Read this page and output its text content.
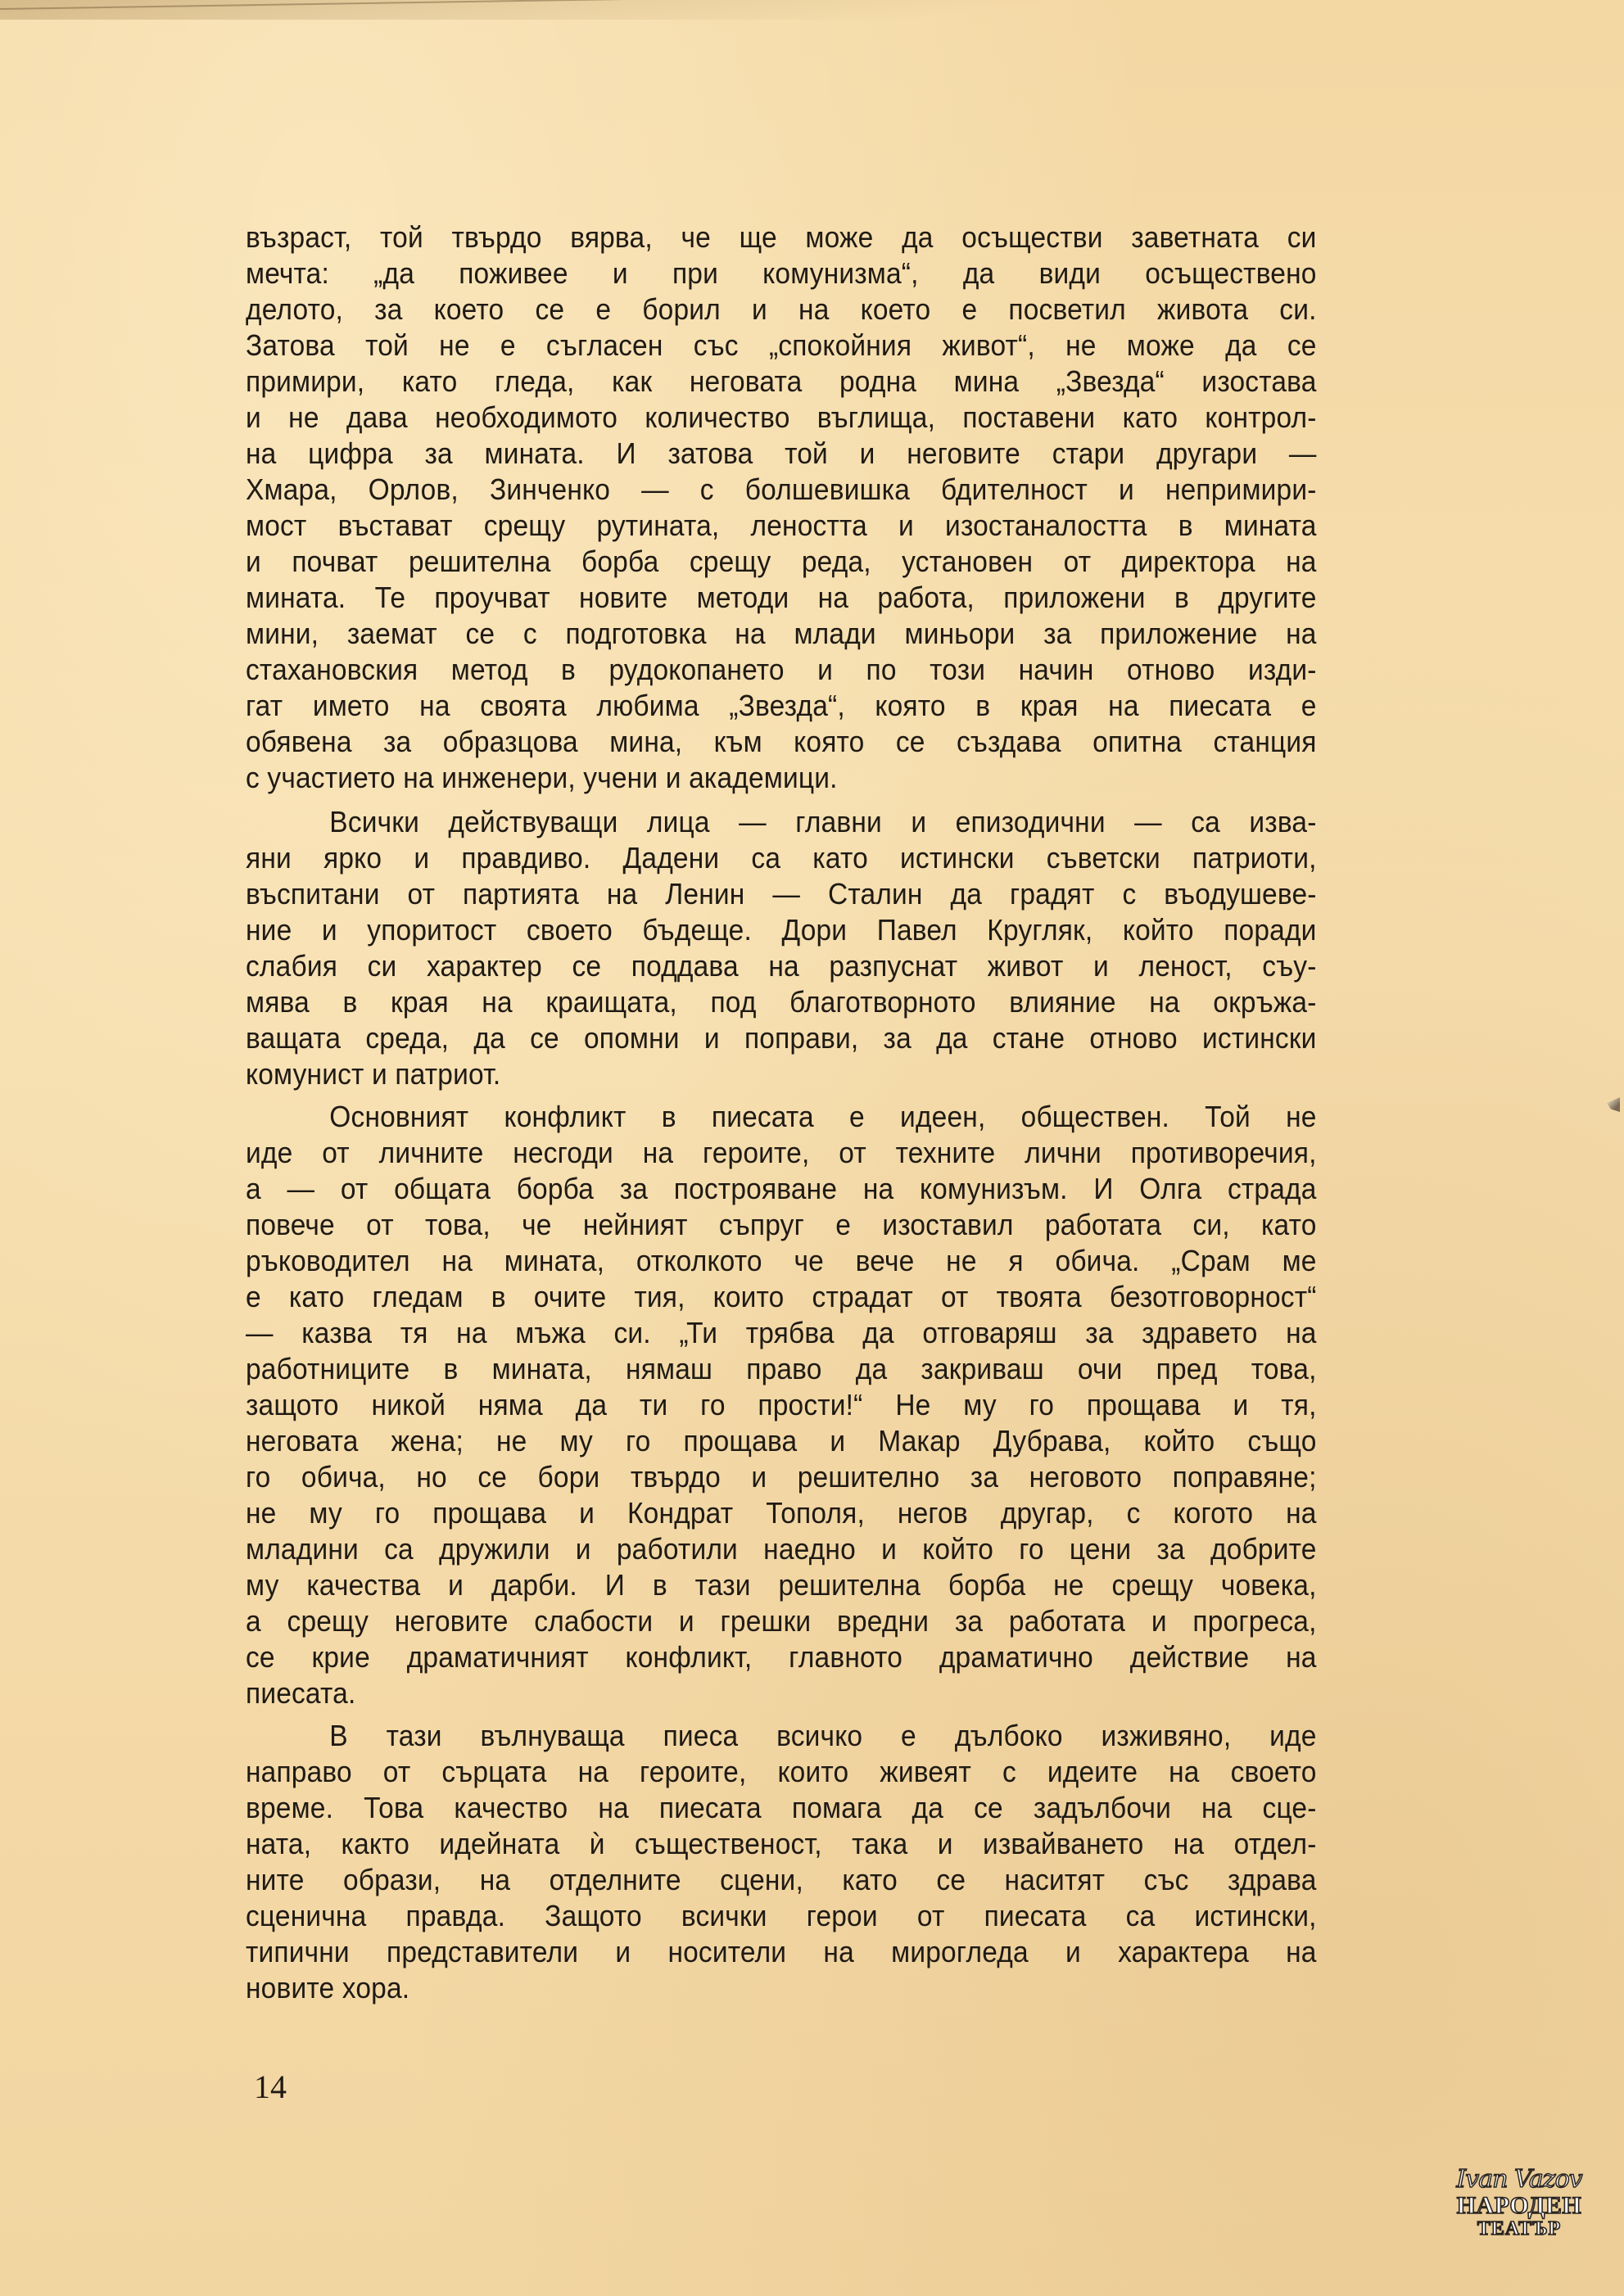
възраст, той твърдо вярва, че ще може да осъществи заветната си
мечта: „да поживее и при комунизма“, да види осъществено
делото, за което се е борил и на което е посветил живота си.
Затова той не е съгласен със „спокойния живот“, не може да се
примири, като гледа, как неговата родна мина „Звезда“ изостава
и не дава необходимото количество въглища, поставени като контрол-
на цифра за мината. И затова той и неговите стари другари —
Хмара, Орлов, Зинченко — с болшевишка бдителност и непримири-
мост въстават срещу рутината, леността и изостаналостта в мината
и почват решителна борба срещу реда, установен от директора на
мината. Те проучват новите методи на работа, приложени в другите
мини, заемат се с подготовка на млади миньори за приложение на
стахановския метод в рудокопането и по този начин отново изди-
гат името на своята любима „Звезда“, която в края на пиесата е
обявена за образцова мина, към която се създава опитна станция
с участието на инженери, учени и академици.
Всички действуващи лица — главни и епизодични — са изва-
яни ярко и правдиво. Дадени са като истински съветски патриоти,
въспитани от партията на Ленин — Сталин да градят с въодушеве-
ние и упоритост своето бъдеще. Дори Павел Кругляк, който поради
слабия си характер се поддава на разпуснат живот и леност, съу-
мява в края на краищата, под благотворното влияние на окръжа-
ващата среда, да се опомни и поправи, за да стане отново истински
комунист и патриот.
Основният конфликт в пиесата е идеен, обществен. Той не
иде от личните несгоди на героите, от техните лични противоречия,
а — от общата борба за построяване на комунизъм. И Олга страда
повече от това, че нейният съпруг е изоставил работата си, като
ръководител на мината, отколкото че вече не я обича. „Срам ме
е като гледам в очите тия, които страдат от твоята безотговорност“
— казва тя на мъжа си. „Ти трябва да отговаряш за здравето на
работниците в мината, нямаш право да закриваш очи пред това,
защото никой няма да ти го прости!“ Не му го прощава и тя,
неговата жена; не му го прощава и Макар Дубрава, който също
го обича, но се бори твърдо и решително за неговото поправяне;
не му го прощава и Кондрат Тополя, негов другар, с когото на
младини са дружили и работили наедно и който го цени за добрите
му качества и дарби. И в тази решителна борба не срещу човека,
а срещу неговите слабости и грешки вредни за работата и прогреса,
се крие драматичният конфликт, главното драматично действие на
пиесата.
В тази вълнуваща пиеса всичко е дълбоко изживяно, иде
направо от сърцата на героите, които живеят с идеите на своето
време. Това качество на пиесата помага да се задълбочи на сце-
ната, както идейната ѝ същественост, така и извайването на отдел-
ните образи, на отделните сцени, като се наситят със здрава
сценична правда. Защото всички герои от пиесата са истински,
типични представители и носители на мирогледа и характера на
новите хора.
14
Ivan Vazov
НАРОДЕН
ТЕАТЪР
